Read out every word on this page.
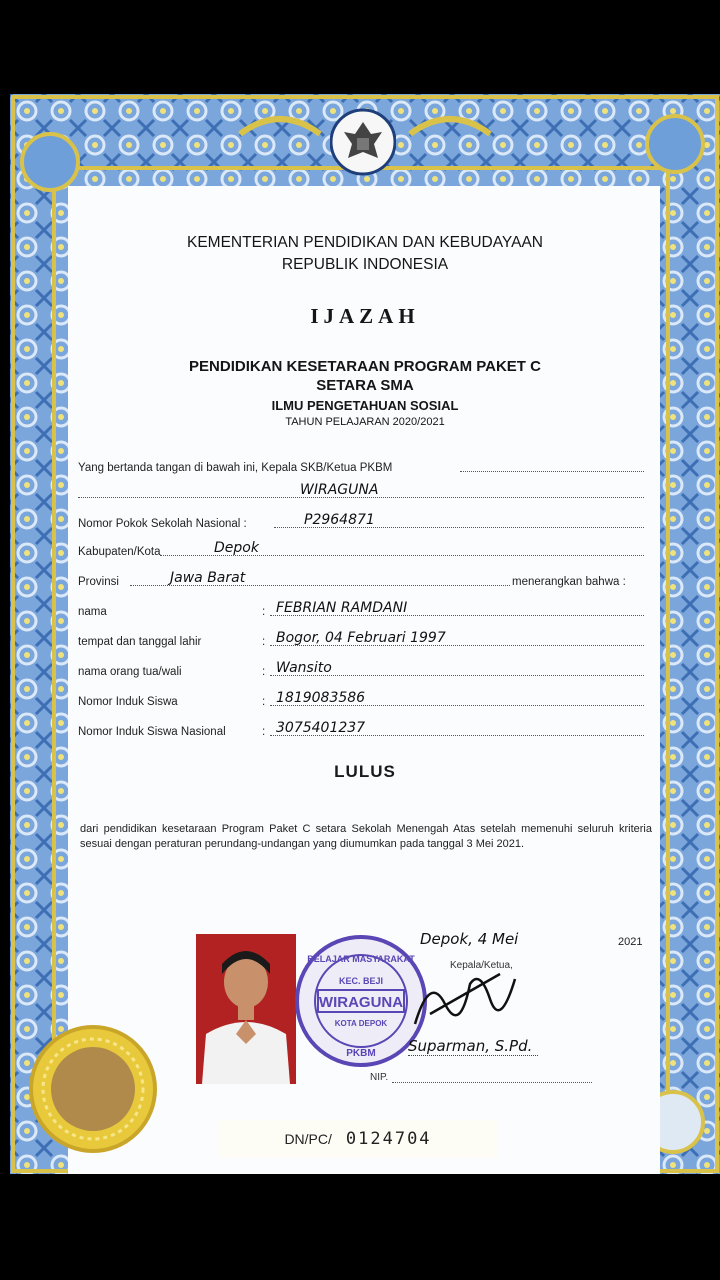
KEMENTERIAN PENDIDIKAN DAN KEBUDAYAAN
REPUBLIK INDONESIA
IJAZAH
PENDIDIKAN KESETARAAN PROGRAM PAKET C
SETARA SMA
ILMU PENGETAHUAN SOSIAL
TAHUN PELAJARAN 2020/2021
Yang bertanda tangan di bawah ini, Kepala SKB/Ketua PKBM
WIRAGUNA
Nomor Pokok Sekolah Nasional :	P2964871
Kabupaten/Kota	Depok
Provinsi	Jawa Barat	menerangkan bahwa :
nama	: FEBRIAN RAMDANI
tempat dan tanggal lahir	: Bogor, 04 Februari 1997
nama orang tua/wali	: Wansito
Nomor Induk Siswa	: 1819083586
Nomor Induk Siswa Nasional	: 3075401237
LULUS
dari pendidikan kesetaraan Program Paket C setara Sekolah Menengah Atas setelah memenuhi seluruh kriteria sesuai dengan peraturan perundang-undangan yang diumumkan pada tanggal 3 Mei 2021.
BELAJAR MASYARAKAT
KEC. BEJI
WIRAGUNA
KOTA DEPOK
PKBM
Depok, 4 Mei	2021
Kepala/Ketua,
Suparman, S.Pd.
NIP.
DN/PC/ 0124704
